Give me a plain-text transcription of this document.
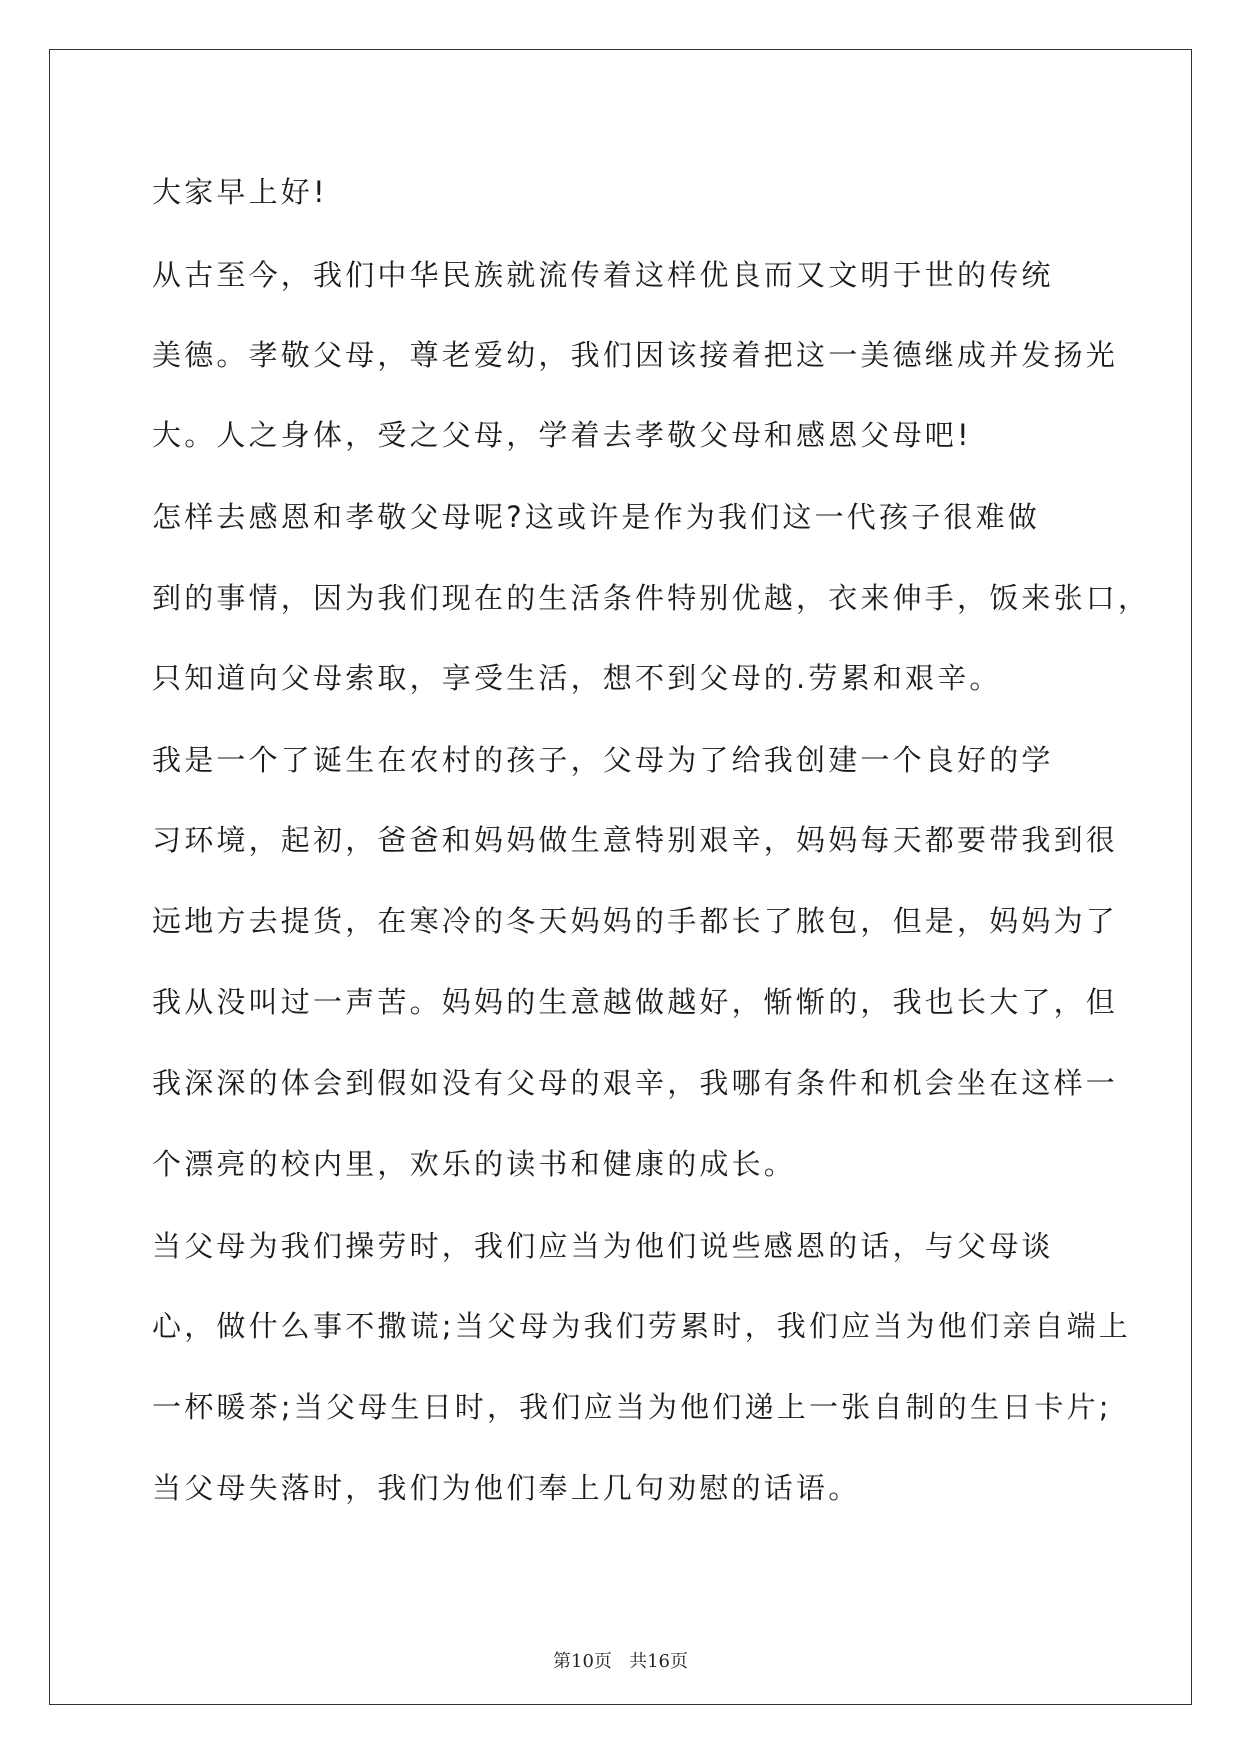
大家早上好!
从古至今，我们中华民族就流传着这样优良而又文明于世的传统
美德。孝敬父母，尊老爱幼，我们因该接着把这一美德继成并发扬光
大。人之身体，受之父母，学着去孝敬父母和感恩父母吧!
怎样去感恩和孝敬父母呢?这或许是作为我们这一代孩子很难做
到的事情，因为我们现在的生活条件特别优越，衣来伸手，饭来张口，
只知道向父母索取，享受生活，想不到父母的.劳累和艰辛。
我是一个了诞生在农村的孩子，父母为了给我创建一个良好的学
习环境，起初，爸爸和妈妈做生意特别艰辛，妈妈每天都要带我到很
远地方去提货，在寒冷的冬天妈妈的手都长了脓包，但是，妈妈为了
我从没叫过一声苦。妈妈的生意越做越好，惭惭的，我也长大了，但
我深深的体会到假如没有父母的艰辛，我哪有条件和机会坐在这样一
个漂亮的校内里，欢乐的读书和健康的成长。
当父母为我们操劳时，我们应当为他们说些感恩的话，与父母谈
心，做什么事不撒谎;当父母为我们劳累时，我们应当为他们亲自端上
一杯暖茶;当父母生日时，我们应当为他们递上一张自制的生日卡片;
当父母失落时，我们为他们奉上几句劝慰的话语。
第10页   共16页
